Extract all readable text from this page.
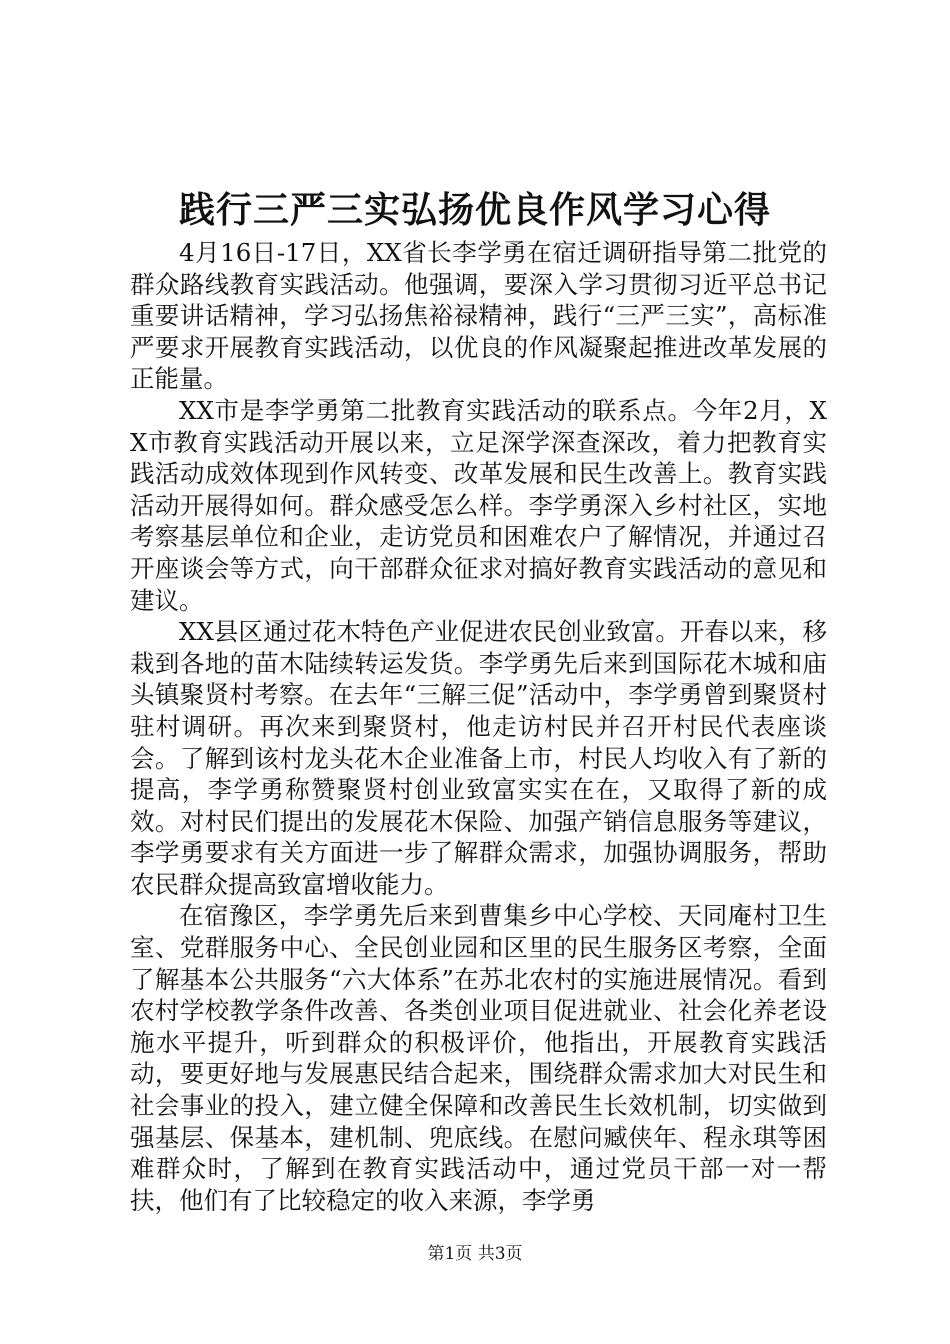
践行三严三实弘扬优良作风学习心得

4月16日-17日，XX省长李学勇在宿迁调研指导第二批党的群众路线教育实践活动。他强调，要深入学习贯彻习近平总书记重要讲话精神，学习弘扬焦裕禄精神，践行“三严三实”，高标准严要求开展教育实践活动，以优良的作风凝聚起推进改革发展的正能量。

XX市是李学勇第二批教育实践活动的联系点。今年2月，XX市教育实践活动开展以来，立足深学深查深改，着力把教育实践活动成效体现到作风转变、改革发展和民生改善上。教育实践活动开展得如何。群众感受怎么样。李学勇深入乡村社区，实地考察基层单位和企业，走访党员和困难农户了解情况，并通过召开座谈会等方式，向干部群众征求对搞好教育实践活动的意见和建议。

XX县区通过花木特色产业促进农民创业致富。开春以来，移栽到各地的苗木陆续转运发货。李学勇先后来到国际花木城和庙头镇聚贤村考察。在去年“三解三促”活动中，李学勇曾到聚贤村驻村调研。再次来到聚贤村，他走访村民并召开村民代表座谈会。了解到该村龙头花木企业准备上市，村民人均收入有了新的提高，李学勇称赞聚贤村创业致富实实在在，又取得了新的成效。对村民们提出的发展花木保险、加强产销信息服务等建议，李学勇要求有关方面进一步了解群众需求，加强协调服务，帮助农民群众提高致富增收能力。

在宿豫区，李学勇先后来到曹集乡中心学校、天同庵村卫生室、党群服务中心、全民创业园和区里的民生服务区考察，全面了解基本公共服务“六大体系”在苏北农村的实施进展情况。看到农村学校教学条件改善、各类创业项目促进就业、社会化养老设施水平提升，听到群众的积极评价，他指出，开展教育实践活动，要更好地与发展惠民结合起来，围绕群众需求加大对民生和社会事业的投入，建立健全保障和改善民生长效机制，切实做到强基层、保基本，建机制、兜底线。在慰问臧侠年、程永琪等困难群众时，了解到在教育实践活动中，通过党员干部一对一帮扶，他们有了比较稳定的收入来源，李学勇

第1页 共3页
